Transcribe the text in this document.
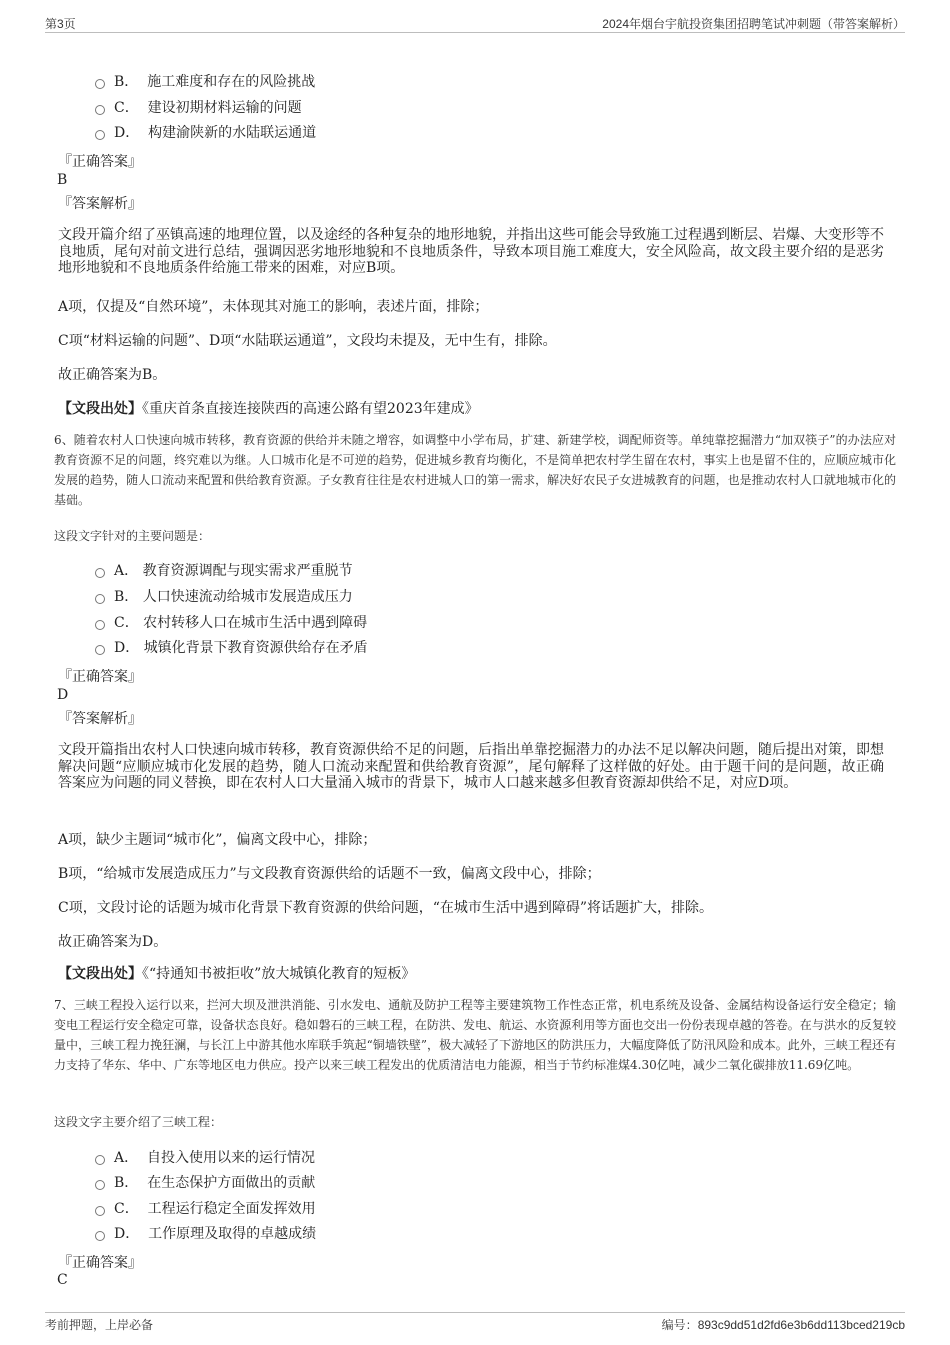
第3页	2024年烟台宇航投资集团招聘笔试冲刺题（带答案解析）
B． 施工难度和存在的风险挑战
C． 建设初期材料运输的问题
D． 构建渝陕新的水陆联运通道
『正确答案』
B
『答案解析』
文段开篇介绍了巫镇高速的地理位置，以及途经的各种复杂的地形地貌，并指出这些可能会导致施工过程遇到断层、岩爆、大变形等不良地质，尾句对前文进行总结，强调因恶劣地形地貌和不良地质条件，导致本项目施工难度大，安全风险高，故文段主要介绍的是恶劣地形地貌和不良地质条件给施工带来的困难，对应B项。
A项，仅提及“自然环境”，未体现其对施工的影响，表述片面，排除；
C项“材料运输的问题”、D项“水陆联运通道”，文段均未提及，无中生有，排除。
故正确答案为B。
【文段出处】《重庆首条直接连接陕西的高速公路有望2023年建成》
6、随着农村人口快速向城市转移，教育资源的供给并未随之增容，如调整中小学布局，扩建、新建学校，调配师资等。单纯靠挖掘潜力“加双筷子”的办法应对教育资源不足的问题，终究难以为继。人口城市化是不可逆的趋势，促进城乡教育均衡化，不是简单把农村学生留在农村，事实上也是留不住的，应顺应城市化发展的趋势，随人口流动来配置和供给教育资源。子女教育往往是农村进城人口的第一需求，解决好农民子女进城教育的问题，也是推动农村人口就地城市化的基础。
这段文字针对的主要问题是：
A． 教育资源调配与现实需求严重脱节
B． 人口快速流动给城市发展造成压力
C． 农村转移人口在城市生活中遇到障碍
D． 城镇化背景下教育资源供给存在矛盾
『正确答案』
D
『答案解析』
文段开篇指出农村人口快速向城市转移，教育资源供给不足的问题，后指出单靠挖掘潜力的办法不足以解决问题，随后提出对策，即想解决问题“应顺应城市化发展的趋势，随人口流动来配置和供给教育资源”，尾句解释了这样做的好处。由于题干问的是问题，故正确答案应为问题的同义替换，即在农村人口大量涌入城市的背景下，城市人口越来越多但教育资源却供给不足，对应D项。
A项，缺少主题词“城市化”，偏离文段中心，排除；
B项，“给城市发展造成压力”与文段教育资源供给的话题不一致，偏离文段中心，排除；
C项，文段讨论的话题为城市化背景下教育资源的供给问题，“在城市生活中遇到障碍”将话题扩大，排除。
故正确答案为D。
【文段出处】《“持通知书被拒收”放大城镇化教育的短板》
7、三峡工程投入运行以来，拦河大坝及泄洪消能、引水发电、通航及防护工程等主要建筑物工作性态正常，机电系统及设备、金属结构设备运行安全稳定；输变电工程运行安全稳定可靠，设备状态良好。稳如磐石的三峡工程，在防洪、发电、航运、水资源利用等方面也交出一份份表现卓越的答卷。在与洪水的反复较量中，三峡工程力挽狂澜，与长江上中游其他水库联手筑起“铜墙铁壁”，极大减轻了下游地区的防洪压力，大幅度降低了防汛风险和成本。此外，三峡工程还有力支持了华东、华中、广东等地区电力供应。投产以来三峡工程发出的优质清洁电力能源，相当于节约标准煤4.30亿吨，减少二氧化碳排放11.69亿吨。
这段文字主要介绍了三峡工程：
A． 自投入使用以来的运行情况
B． 在生态保护方面做出的贡献
C． 工程运行稳定全面发挥效用
D． 工作原理及取得的卓越成绩
『正确答案』
C
考前押题，上岸必备	编号：893c9dd51d2fd6e3b6dd113bced219cb
